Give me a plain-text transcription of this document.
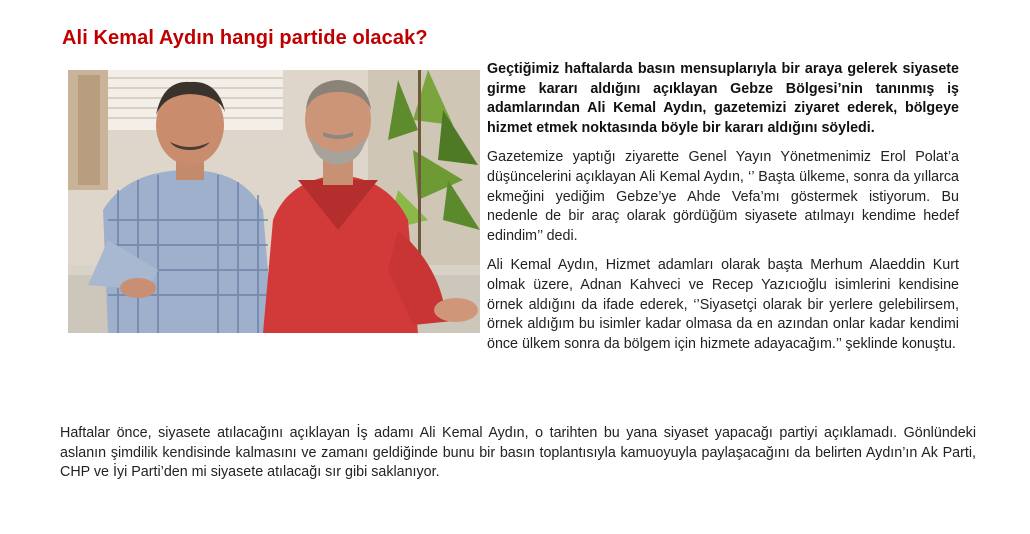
Ali Kemal Aydın hangi partide olacak?

Geçtiğimiz haftalarda basın mensuplarıyla bir araya gelerek siyasete girme kararı aldığını açıklayan Gebze Bölgesi’nin tanınmış iş adamlarından Ali Kemal Aydın, gazetemizi ziyaret ederek, bölgeye hizmet etmek noktasında böyle bir kararı aldığını söyledi.

Gazetemize yaptığı ziyarette Genel Yayın Yönetmenimiz Erol Polat’a düşüncelerini açıklayan Ali Kemal Aydın, ‘’ Başta ülkeme, sonra da yıllarca ekmeğini yediğim Gebze’ye Ahde Vefa’mı göstermek istiyorum. Bu nedenle de bir araç olarak gördüğüm siyasete atılmayı kendime hedef edindim’’ dedi.

Ali Kemal Aydın, Hizmet adamları olarak başta Merhum Alaeddin Kurt olmak üzere, Adnan Kahveci ve Recep Yazıcıoğlu isimlerini kendisine örnek aldığını da ifade ederek, ‘’Siyasetçi olarak bir yerlere gelebilirsem, örnek aldığım bu isimler kadar olmasa da en azından onlar kadar kendimi önce ülkem sonra da bölgem için hizmete adayacağım.’’ şeklinde konuştu.

Haftalar önce, siyasete atılacağını açıklayan İş adamı Ali Kemal Aydın, o tarihten bu yana siyaset yapacağı partiyi açıklamadı. Gönlündeki aslanın şimdilik kendisinde kalmasını ve zamanı geldiğinde bunu bir basın toplantısıyla kamuoyuyla paylaşacağını da belirten Aydın’ın Ak Parti, CHP ve İyi Parti’den mi siyasete atılacağı sır gibi saklanıyor.
